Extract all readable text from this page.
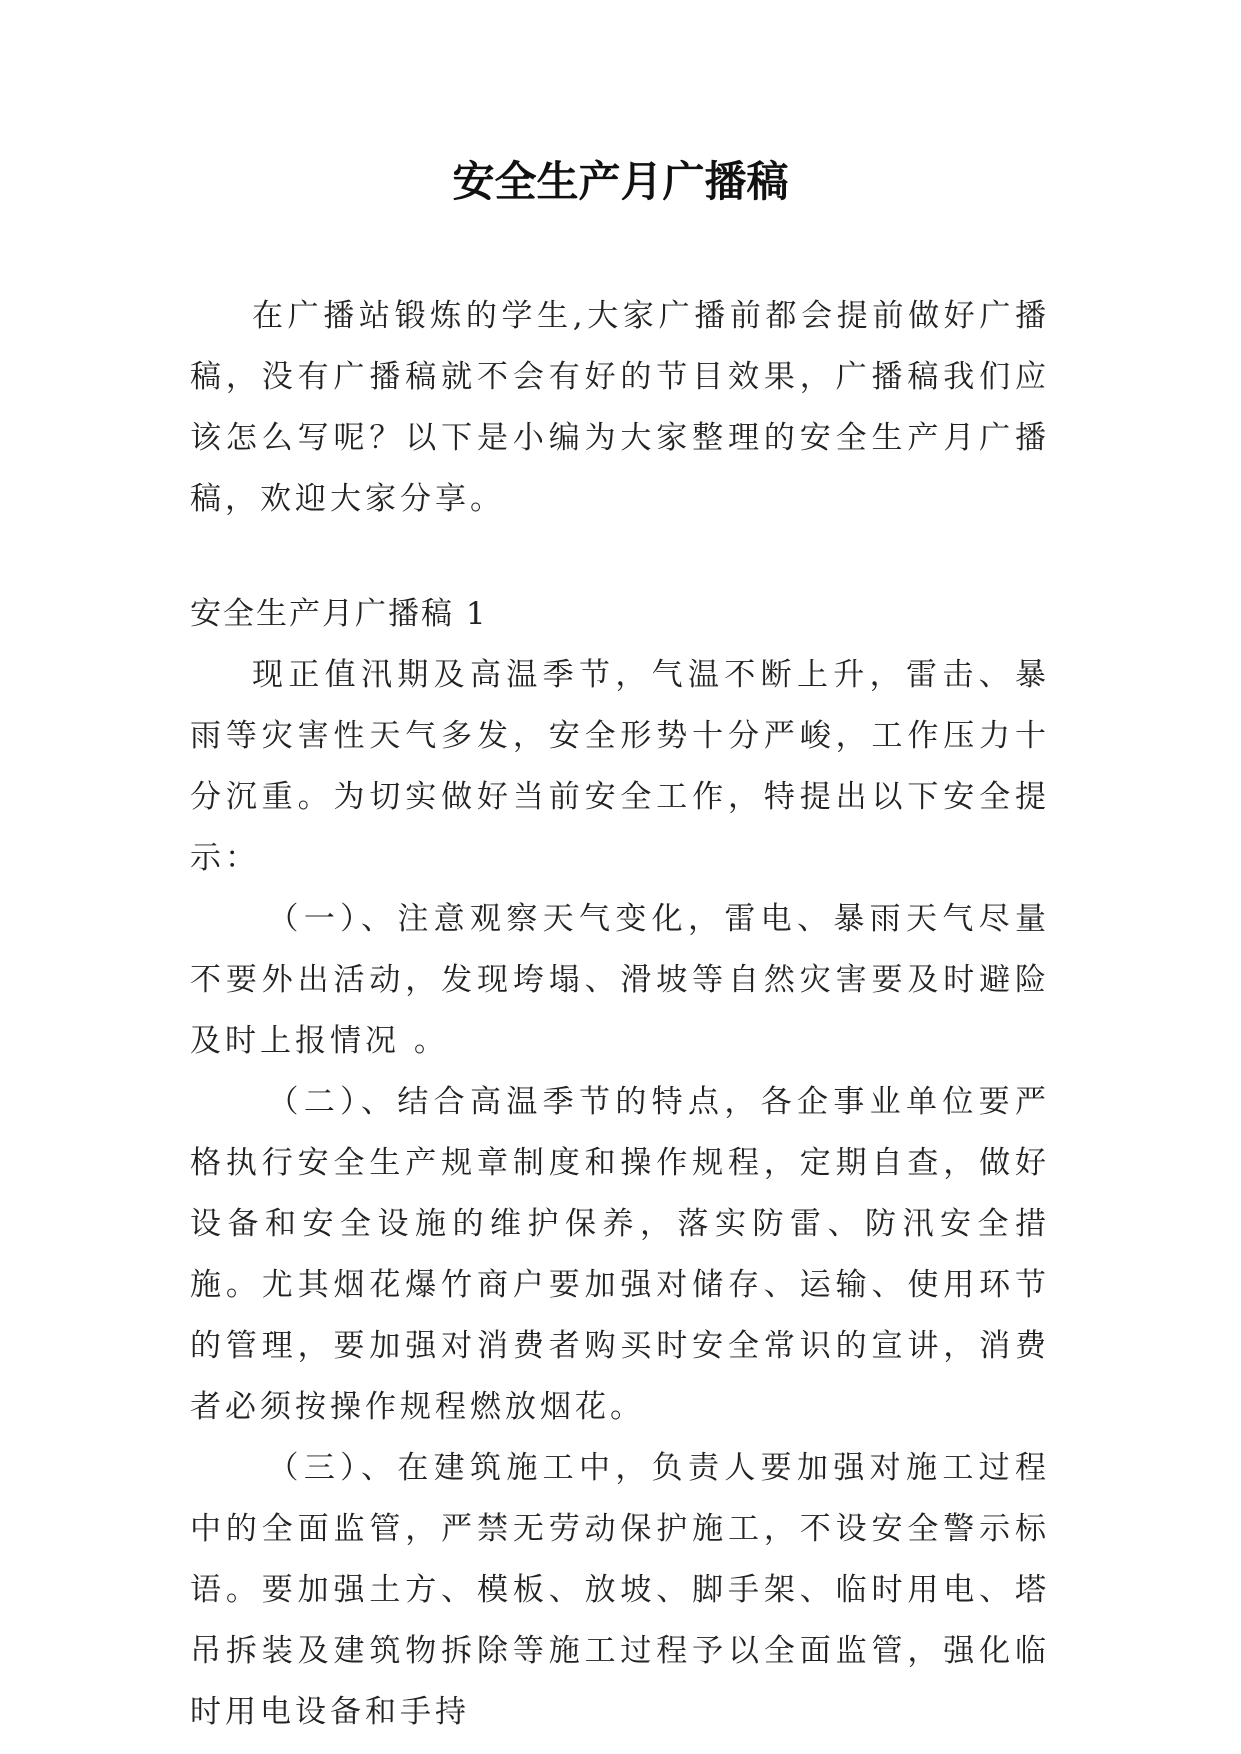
安全生产月广播稿

在广播站锻炼的学生,大家广播前都会提前做好广播稿，没有广播稿就不会有好的节目效果，广播稿我们应该怎么写呢？以下是小编为大家整理的安全生产月广播稿，欢迎大家分享。

安全生产月广播稿 1

现正值汛期及高温季节，气温不断上升，雷击、暴雨等灾害性天气多发，安全形势十分严峻，工作压力十分沉重。为切实做好当前安全工作，特提出以下安全提示：

（一）、注意观察天气变化，雷电、暴雨天气尽量不要外出活动，发现垮塌、滑坡等自然灾害要及时避险及时上报情况 。

（二）、结合高温季节的特点，各企事业单位要严格执行安全生产规章制度和操作规程，定期自查，做好设备和安全设施的维护保养，落实防雷、防汛安全措施。尤其烟花爆竹商户要加强对储存、运输、使用环节的管理，要加强对消费者购买时安全常识的宣讲，消费者必须按操作规程燃放烟花。

（三）、在建筑施工中，负责人要加强对施工过程中的全面监管，严禁无劳动保护施工，不设安全警示标语。要加强土方、模板、放坡、脚手架、临时用电、塔吊拆装及建筑物拆除等施工过程予以全面监管，强化临时用电设备和手持
